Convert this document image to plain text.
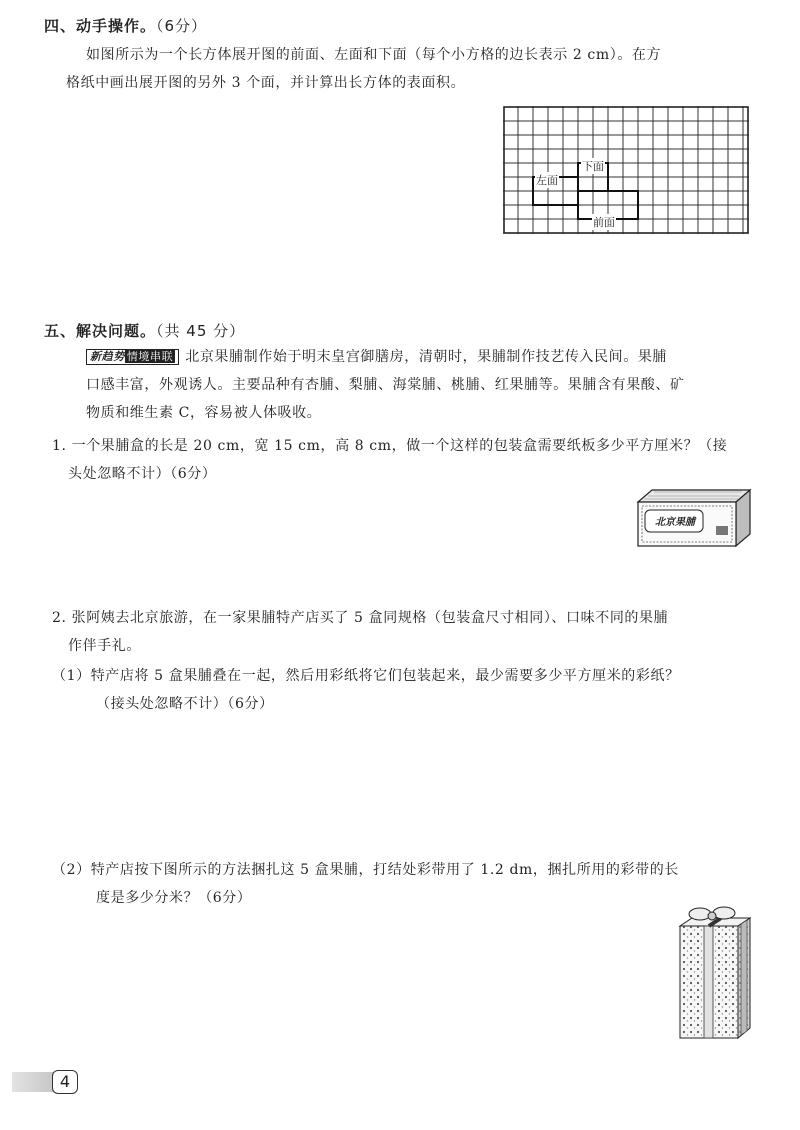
四、动手操作。（6分）
如图所示为一个长方体展开图的前面、左面和下面（每个小方格的边长表示 2 cm）。在方
格纸中画出展开图的另外 3 个面，并计算出长方体的表面积。
下面
左面
前面
五、解决问题。（共 45 分）
新趋势 情境串联 北京果脯制作始于明末皇宫御膳房，清朝时，果脯制作技艺传入民间。果脯
口感丰富，外观诱人。主要品种有杏脯、梨脯、海棠脯、桃脯、红果脯等。果脯含有果酸、矿
物质和维生素 C，容易被人体吸收。
1. 一个果脯盒的长是 20 cm，宽 15 cm，高 8 cm，做一个这样的包装盒需要纸板多少平方厘米？（接
头处忽略不计）（6分）
北京果脯
2. 张阿姨去北京旅游，在一家果脯特产店买了 5 盒同规格（包装盒尺寸相同）、口味不同的果脯
作伴手礼。
（1）特产店将 5 盒果脯叠在一起，然后用彩纸将它们包装起来，最少需要多少平方厘米的彩纸？
（接头处忽略不计）（6分）
（2）特产店按下图所示的方法捆扎这 5 盒果脯，打结处彩带用了 1.2 dm，捆扎所用的彩带的长
度是多少分米？（6分）
4
